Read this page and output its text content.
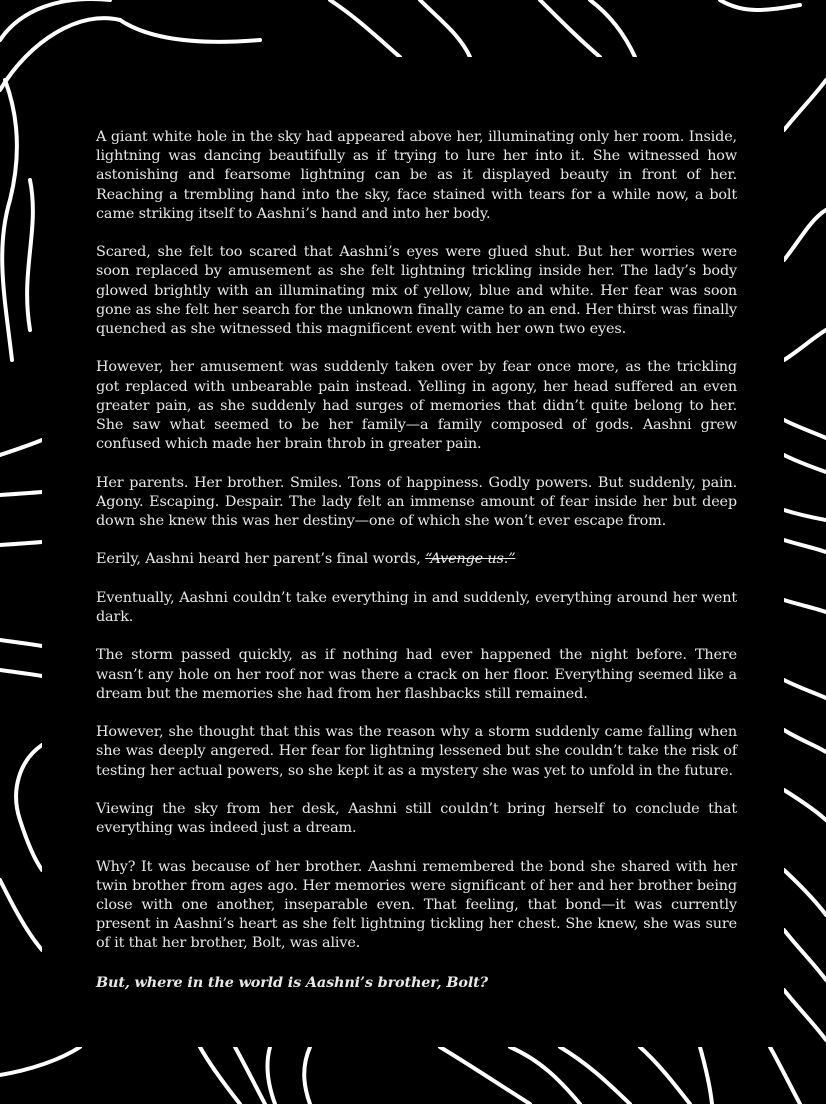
A giant white hole in the sky had appeared above her, illuminating only her room. Inside, lightning was dancing beautifully as if trying to lure her into it. She witnessed how astonishing and fearsome lightning can be as it displayed beauty in front of her. Reaching a trembling hand into the sky, face stained with tears for a while now, a bolt came striking itself to Aashni’s hand and into her body.

Scared, she felt too scared that Aashni’s eyes were glued shut. But her worries were soon replaced by amusement as she felt lightning trickling inside her. The lady’s body glowed brightly with an illuminating mix of yellow, blue and white. Her fear was soon gone as she felt her search for the unknown finally came to an end. Her thirst was finally quenched as she witnessed this magnificent event with her own two eyes.

However, her amusement was suddenly taken over by fear once more, as the trickling got replaced with unbearable pain instead. Yelling in agony, her head suffered an even greater pain, as she suddenly had surges of memories that didn’t quite belong to her. She saw what seemed to be her family—a family composed of gods. Aashni grew confused which made her brain throb in greater pain.

Her parents. Her brother. Smiles. Tons of happiness. Godly powers. But suddenly, pain. Agony. Escaping. Despair. The lady felt an immense amount of fear inside her but deep down she knew this was her destiny—one of which she won’t ever escape from.

Eerily, Aashni heard her parent’s final words, “Avenge us.”

Eventually, Aashni couldn’t take everything in and suddenly, everything around her went dark.

The storm passed quickly, as if nothing had ever happened the night before. There wasn’t any hole on her roof nor was there a crack on her floor. Everything seemed like a dream but the memories she had from her flashbacks still remained.

However, she thought that this was the reason why a storm suddenly came falling when she was deeply angered. Her fear for lightning lessened but she couldn’t take the risk of testing her actual powers, so she kept it as a mystery she was yet to unfold in the future.

Viewing the sky from her desk, Aashni still couldn’t bring herself to conclude that everything was indeed just a dream.

Why? It was because of her brother. Aashni remembered the bond she shared with her twin brother from ages ago. Her memories were significant of her and her brother being close with one another, inseparable even. That feeling, that bond—it was currently present in Aashni’s heart as she felt lightning tickling her chest. She knew, she was sure of it that her brother, Bolt, was alive.

But, where in the world is Aashni’s brother, Bolt?
